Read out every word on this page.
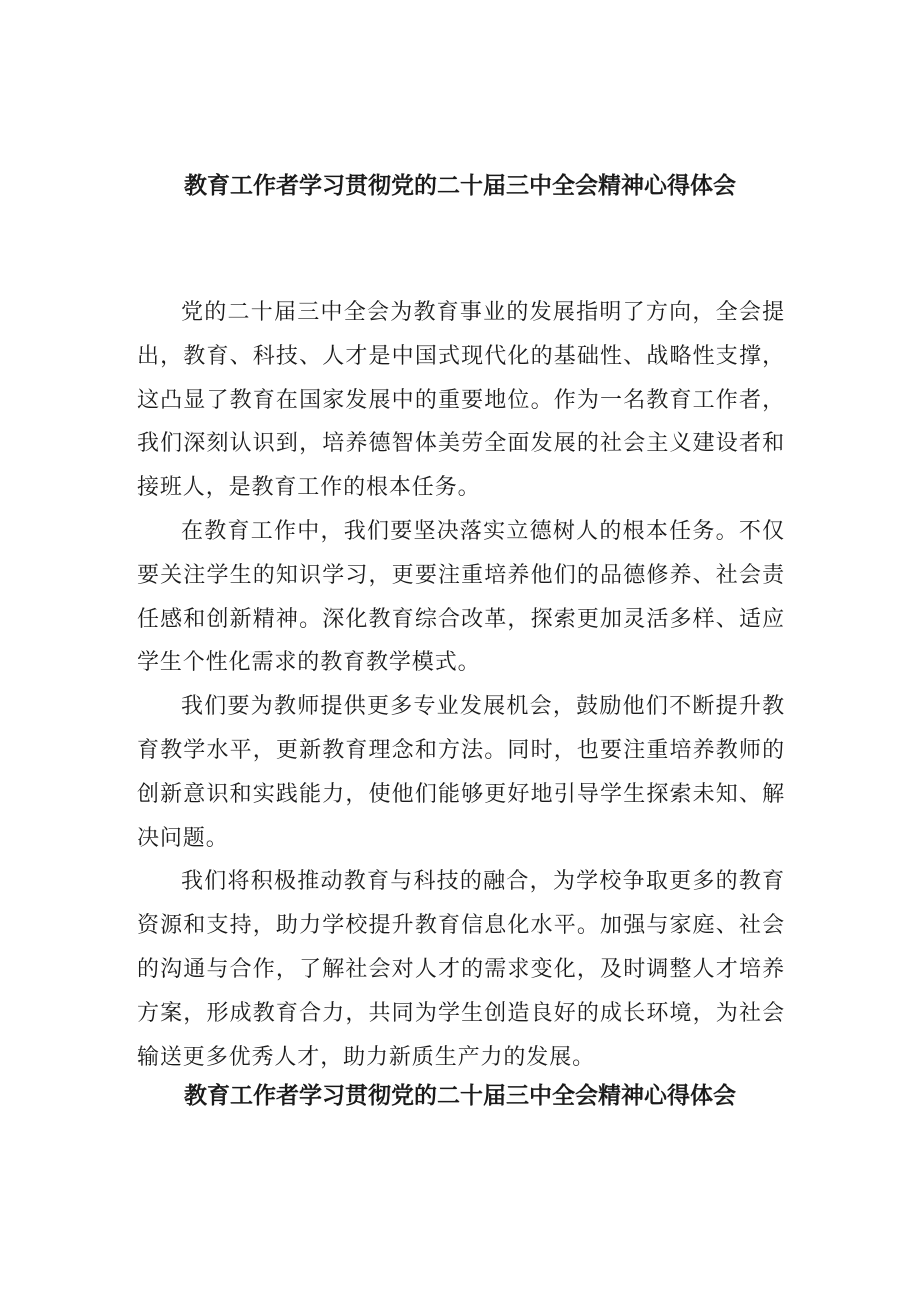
教育工作者学习贯彻党的二十届三中全会精神心得体会

党的二十届三中全会为教育事业的发展指明了方向，全会提出，教育、科技、人才是中国式现代化的基础性、战略性支撑，这凸显了教育在国家发展中的重要地位。作为一名教育工作者，我们深刻认识到，培养德智体美劳全面发展的社会主义建设者和接班人，是教育工作的根本任务。

在教育工作中，我们要坚决落实立德树人的根本任务。不仅要关注学生的知识学习，更要注重培养他们的品德修养、社会责任感和创新精神。深化教育综合改革，探索更加灵活多样、适应学生个性化需求的教育教学模式。

我们要为教师提供更多专业发展机会，鼓励他们不断提升教育教学水平，更新教育理念和方法。同时，也要注重培养教师的创新意识和实践能力，使他们能够更好地引导学生探索未知、解决问题。

我们将积极推动教育与科技的融合，为学校争取更多的教育资源和支持，助力学校提升教育信息化水平。加强与家庭、社会的沟通与合作，了解社会对人才的需求变化，及时调整人才培养方案，形成教育合力，共同为学生创造良好的成长环境，为社会输送更多优秀人才，助力新质生产力的发展。

教育工作者学习贯彻党的二十届三中全会精神心得体会
